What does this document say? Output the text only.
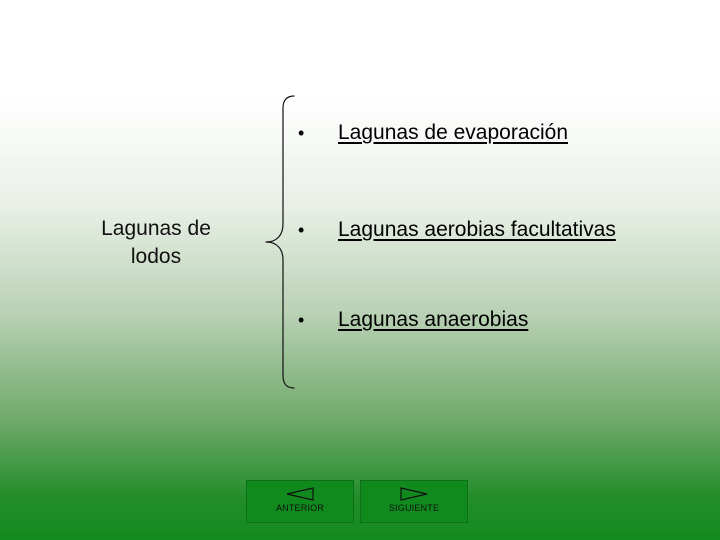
Lagunas de
lodos
•	Lagunas de evaporación
•	Lagunas aerobias facultativas
•	Lagunas anaerobias
ANTERIOR	SIGUIENTE
